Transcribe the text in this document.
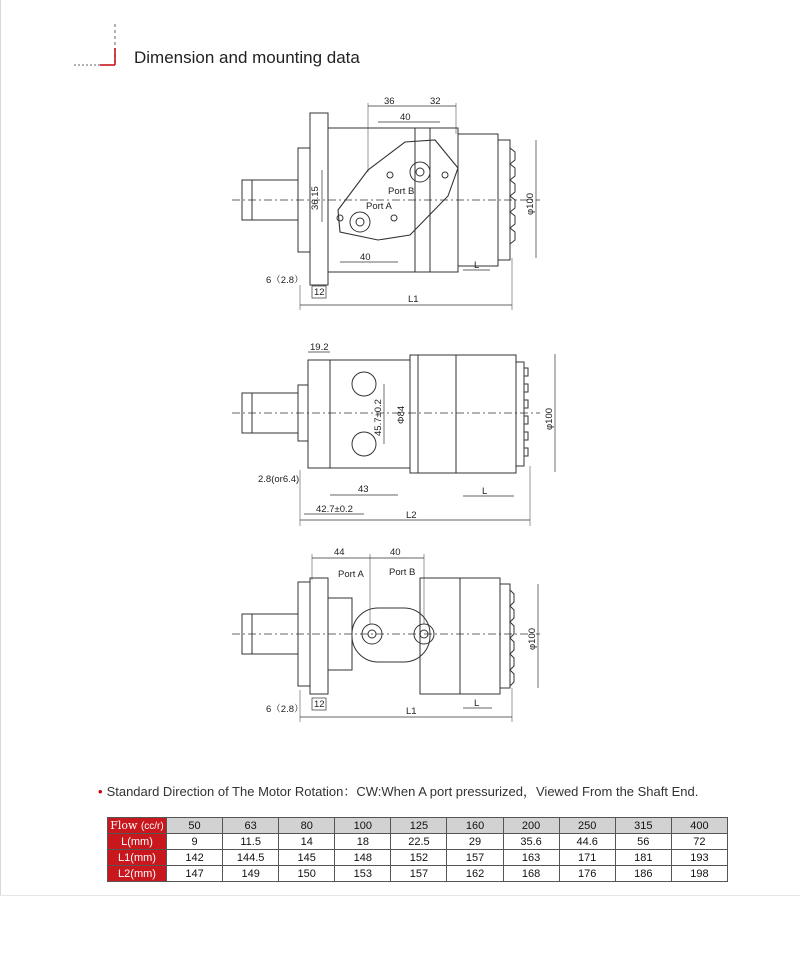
Dimension and mounting data
36	32
40
36.15
40
L
φ100
6（2.8）
12
L1
Port B
Port A
19.2
45.7±0.2 Φ84	φ100
2.8(or6.4)
43	L
42.7±0.2
L2
44	40
φ100
6（2.8） 12	L
L1
Port A	Port B
• Standard Direction of The Motor Rotation：CW:When A port pressurized，Viewed From the Shaft End.
Flow (cc/r)	50	63	80	100	125	160	200	250	315	400
L(mm)	9	11.5	14	18	22.5	29	35.6	44.6	56	72
L1(mm)	142	144.5	145	148	152	157	163	171	181	193
L2(mm)	147	149	150	153	157	162	168	176	186	198
